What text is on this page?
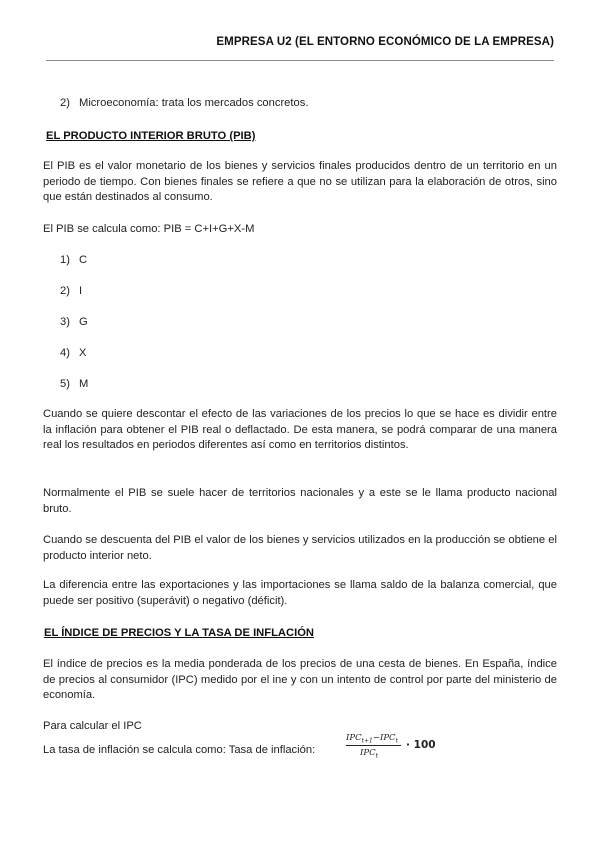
EMPRESA U2 (EL ENTORNO ECONÓMICO DE LA EMPRESA)
2) Microeconomía: trata los mercados concretos.
EL PRODUCTO INTERIOR BRUTO (PIB)
El PIB es el valor monetario de los bienes y servicios finales producidos dentro de un territorio en un periodo de tiempo. Con bienes finales se refiere a que no se utilizan para la elaboración de otros, sino que están destinados al consumo.
El PIB se calcula como: PIB = C+I+G+X-M
1) C
2) I
3) G
4) X
5) M
Cuando se quiere descontar el efecto de las variaciones de los precios lo que se hace es dividir entre la inflación para obtener el PIB real o deflactado. De esta manera, se podrá comparar de una manera real los resultados en periodos diferentes así como en territorios distintos.
Normalmente el PIB se suele hacer de territorios nacionales y a este se le llama producto nacional bruto.
Cuando se descuenta del PIB el valor de los bienes y servicios utilizados en la producción se obtiene el producto interior neto.
La diferencia entre las exportaciones y las importaciones se llama saldo de la balanza comercial, que puede ser positivo (superávit) o negativo (déficit).
EL ÍNDICE DE PRECIOS Y LA TASA DE INFLACIÓN
El índice de precios es la media ponderada de los precios de una cesta de bienes. En España, índice de precios al consumidor (IPC) medido por el ine y con un intento de control por parte del ministerio de economía.
Para calcular el IPC
La tasa de inflación se calcula como: Tasa de inflación:
$IPC_{t+1}-IPC_t$
$IPC_t$
· 100
